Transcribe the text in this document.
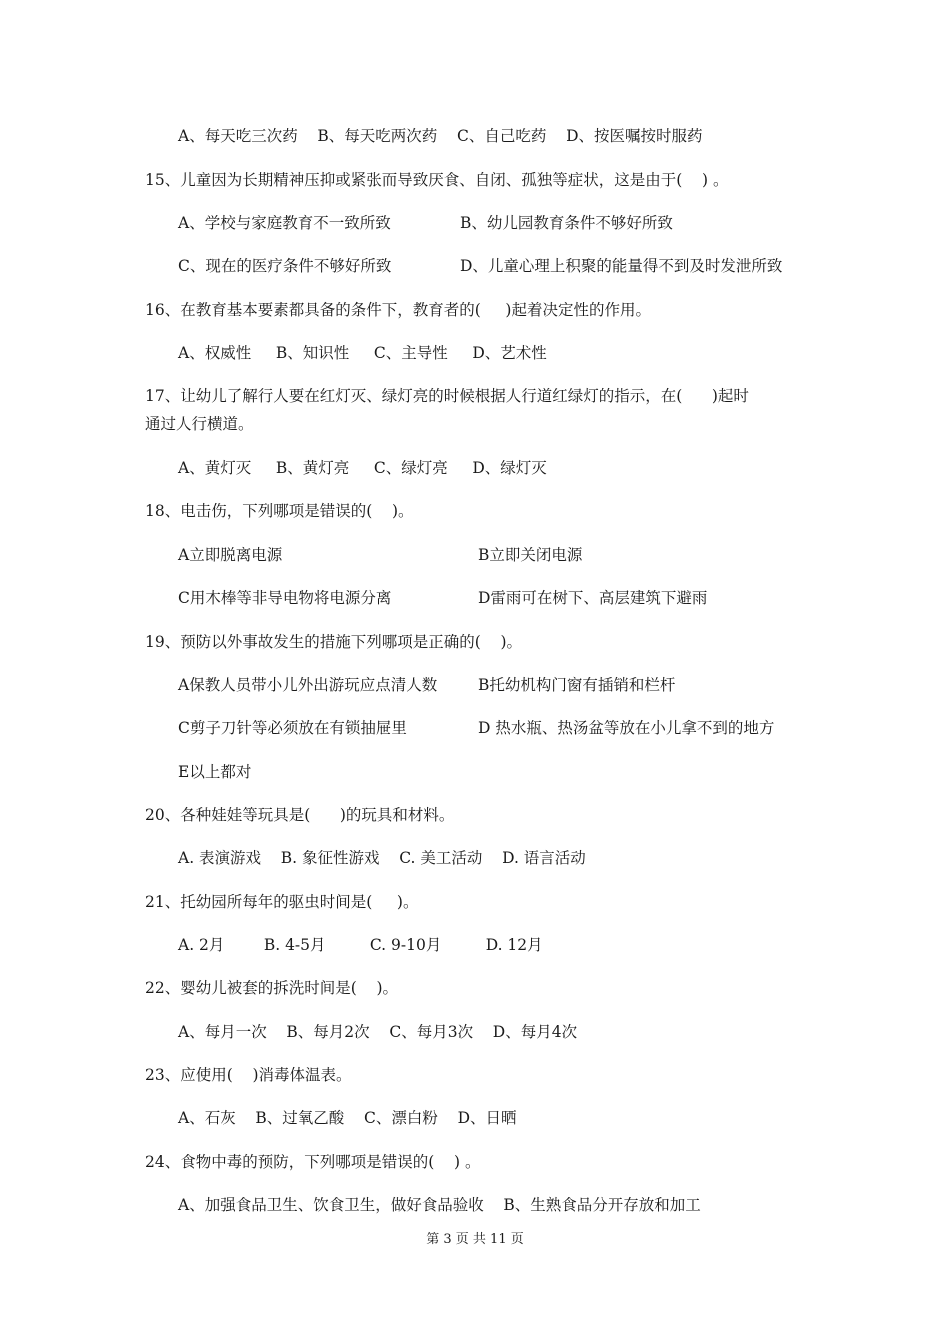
A、每天吃三次药    B、每天吃两次药    C、自己吃药    D、按医嘱按时服药
15、儿童因为长期精神压抑或紧张而导致厌食、自闭、孤独等症状，这是由于(    ) 。
A、学校与家庭教育不一致所致	B、幼儿园教育条件不够好所致
C、现在的医疗条件不够好所致	D、儿童心理上积聚的能量得不到及时发泄所致
16、在教育基本要素都具备的条件下，教育者的(     )起着决定性的作用。
A、权威性     B、知识性     C、主导性     D、艺术性
17、让幼儿了解行人要在红灯灭、绿灯亮的时候根据人行道红绿灯的指示，在(      )起时
通过人行横道。
A、黄灯灭     B、黄灯亮     C、绿灯亮     D、绿灯灭
18、电击伤，下列哪项是错误的(    )。
A立即脱离电源	B立即关闭电源
C用木棒等非导电物将电源分离	D雷雨可在树下、高层建筑下避雨
19、预防以外事故发生的措施下列哪项是正确的(    )。
A保教人员带小儿外出游玩应点清人数	B托幼机构门窗有插销和栏杆
C剪子刀针等必须放在有锁抽屉里	D 热水瓶、热汤盆等放在小儿拿不到的地方
E以上都对
20、各种娃娃等玩具是(      )的玩具和材料。
A. 表演游戏    B. 象征性游戏    C. 美工活动    D. 语言活动
21、托幼园所每年的驱虫时间是(     )。
A. 2月        B. 4-5月         C. 9-10月         D. 12月
22、婴幼儿被套的拆洗时间是(    )。
A、每月一次    B、每月2次    C、每月3次    D、每月4次
23、应使用(    )消毒体温表。
A、石灰    B、过氧乙酸    C、漂白粉    D、日晒
24、食物中毒的预防，下列哪项是错误的(    ) 。
A、加强食品卫生、饮食卫生，做好食品验收    B、生熟食品分开存放和加工
第 3 页 共 11 页
